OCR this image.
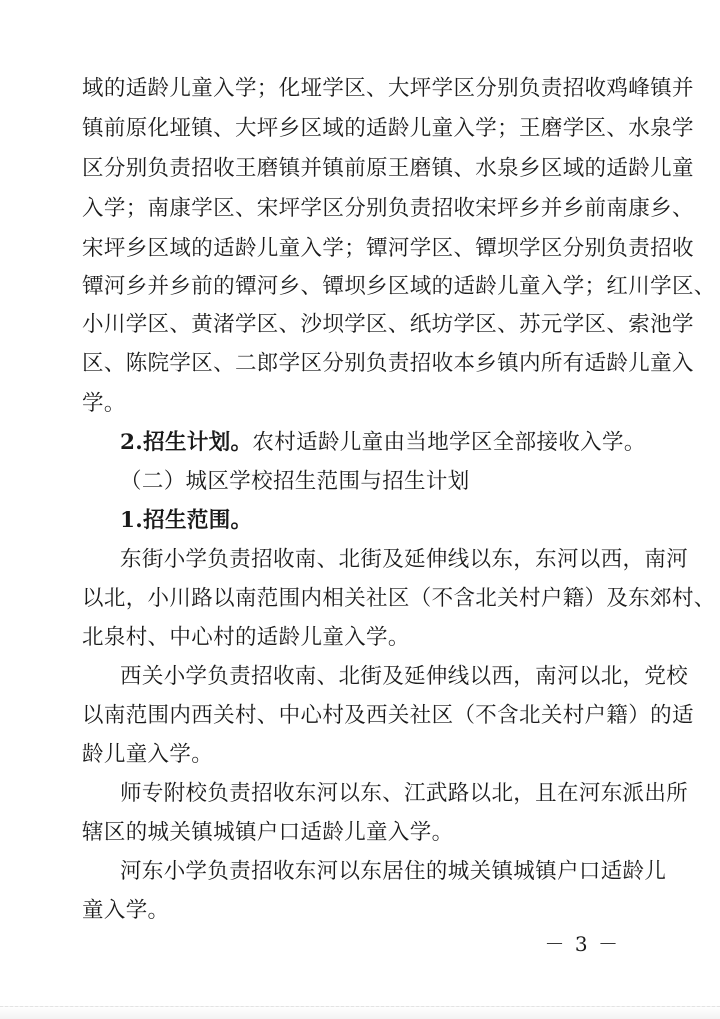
域的适龄儿童入学；化垭学区、大坪学区分别负责招收鸡峰镇并
镇前原化垭镇、大坪乡区域的适龄儿童入学；王磨学区、水泉学
区分别负责招收王磨镇并镇前原王磨镇、水泉乡区域的适龄儿童
入学；南康学区、宋坪学区分别负责招收宋坪乡并乡前南康乡、
宋坪乡区域的适龄儿童入学；镡河学区、镡坝学区分别负责招收
镡河乡并乡前的镡河乡、镡坝乡区域的适龄儿童入学；红川学区、
小川学区、黄渚学区、沙坝学区、纸坊学区、苏元学区、索池学
区、陈院学区、二郎学区分别负责招收本乡镇内所有适龄儿童入
学。
2.招生计划。农村适龄儿童由当地学区全部接收入学。
（二）城区学校招生范围与招生计划
1.招生范围。
东街小学负责招收南、北街及延伸线以东，东河以西，南河
以北，小川路以南范围内相关社区（不含北关村户籍）及东郊村、
北泉村、中心村的适龄儿童入学。
西关小学负责招收南、北街及延伸线以西，南河以北，党校
以南范围内西关村、中心村及西关社区（不含北关村户籍）的适
龄儿童入学。
师专附校负责招收东河以东、江武路以北，且在河东派出所
辖区的城关镇城镇户口适龄儿童入学。
河东小学负责招收东河以东居住的城关镇城镇户口适龄儿
童入学。
－ 3 －
